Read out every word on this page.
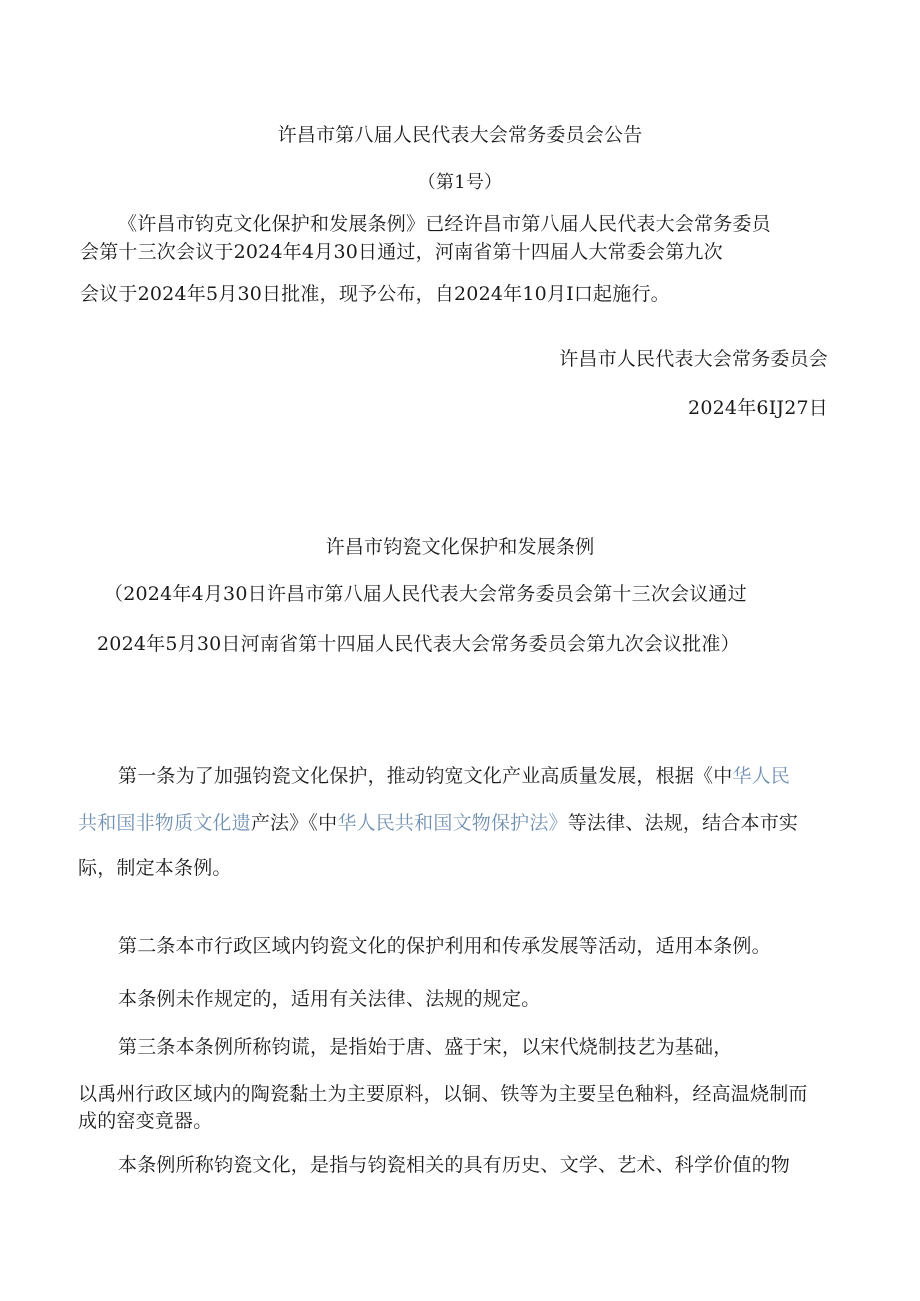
许昌市第八届人民代表大会常务委员会公告
（第1号）
《许昌市钧克文化保护和发展条例》已经许昌市第八届人民代表大会常务委员
会第十三次会议于2024年4月30日通过，河南省第十四届人大常委会第九次
会议于2024年5月30日批准，现予公布，自2024年10月I口起施行。
许昌市人民代表大会常务委员会
2024年6IJ27日
许昌市钧瓷文化保护和发展条例
（2024年4月30日许昌市第八届人民代表大会常务委员会第十三次会议通过
2024年5月30日河南省第十四届人民代表大会常务委员会第九次会议批准）
第一条为了加强钧瓷文化保护，推动钧宽文化产业高质量发展，根据《中华人民
共和国非物质文化遗产法》《中华人民共和国文物保护法》等法律、法规，结合本市实
际，制定本条例。
第二条本市行政区域内钧瓷文化的保护利用和传承发展等活动，适用本条例。
本条例未作规定的，适用有关法律、法规的规定。
第三条本条例所称钧谎，是指始于唐、盛于宋，以宋代烧制技艺为基础，
以禹州行政区域内的陶瓷黏土为主要原料，以铜、铁等为主要呈色釉料，经高温烧制而
成的窑变竟器。
本条例所称钧瓷文化，是指与钧瓷相关的具有历史、文学、艺术、科学价值的物
